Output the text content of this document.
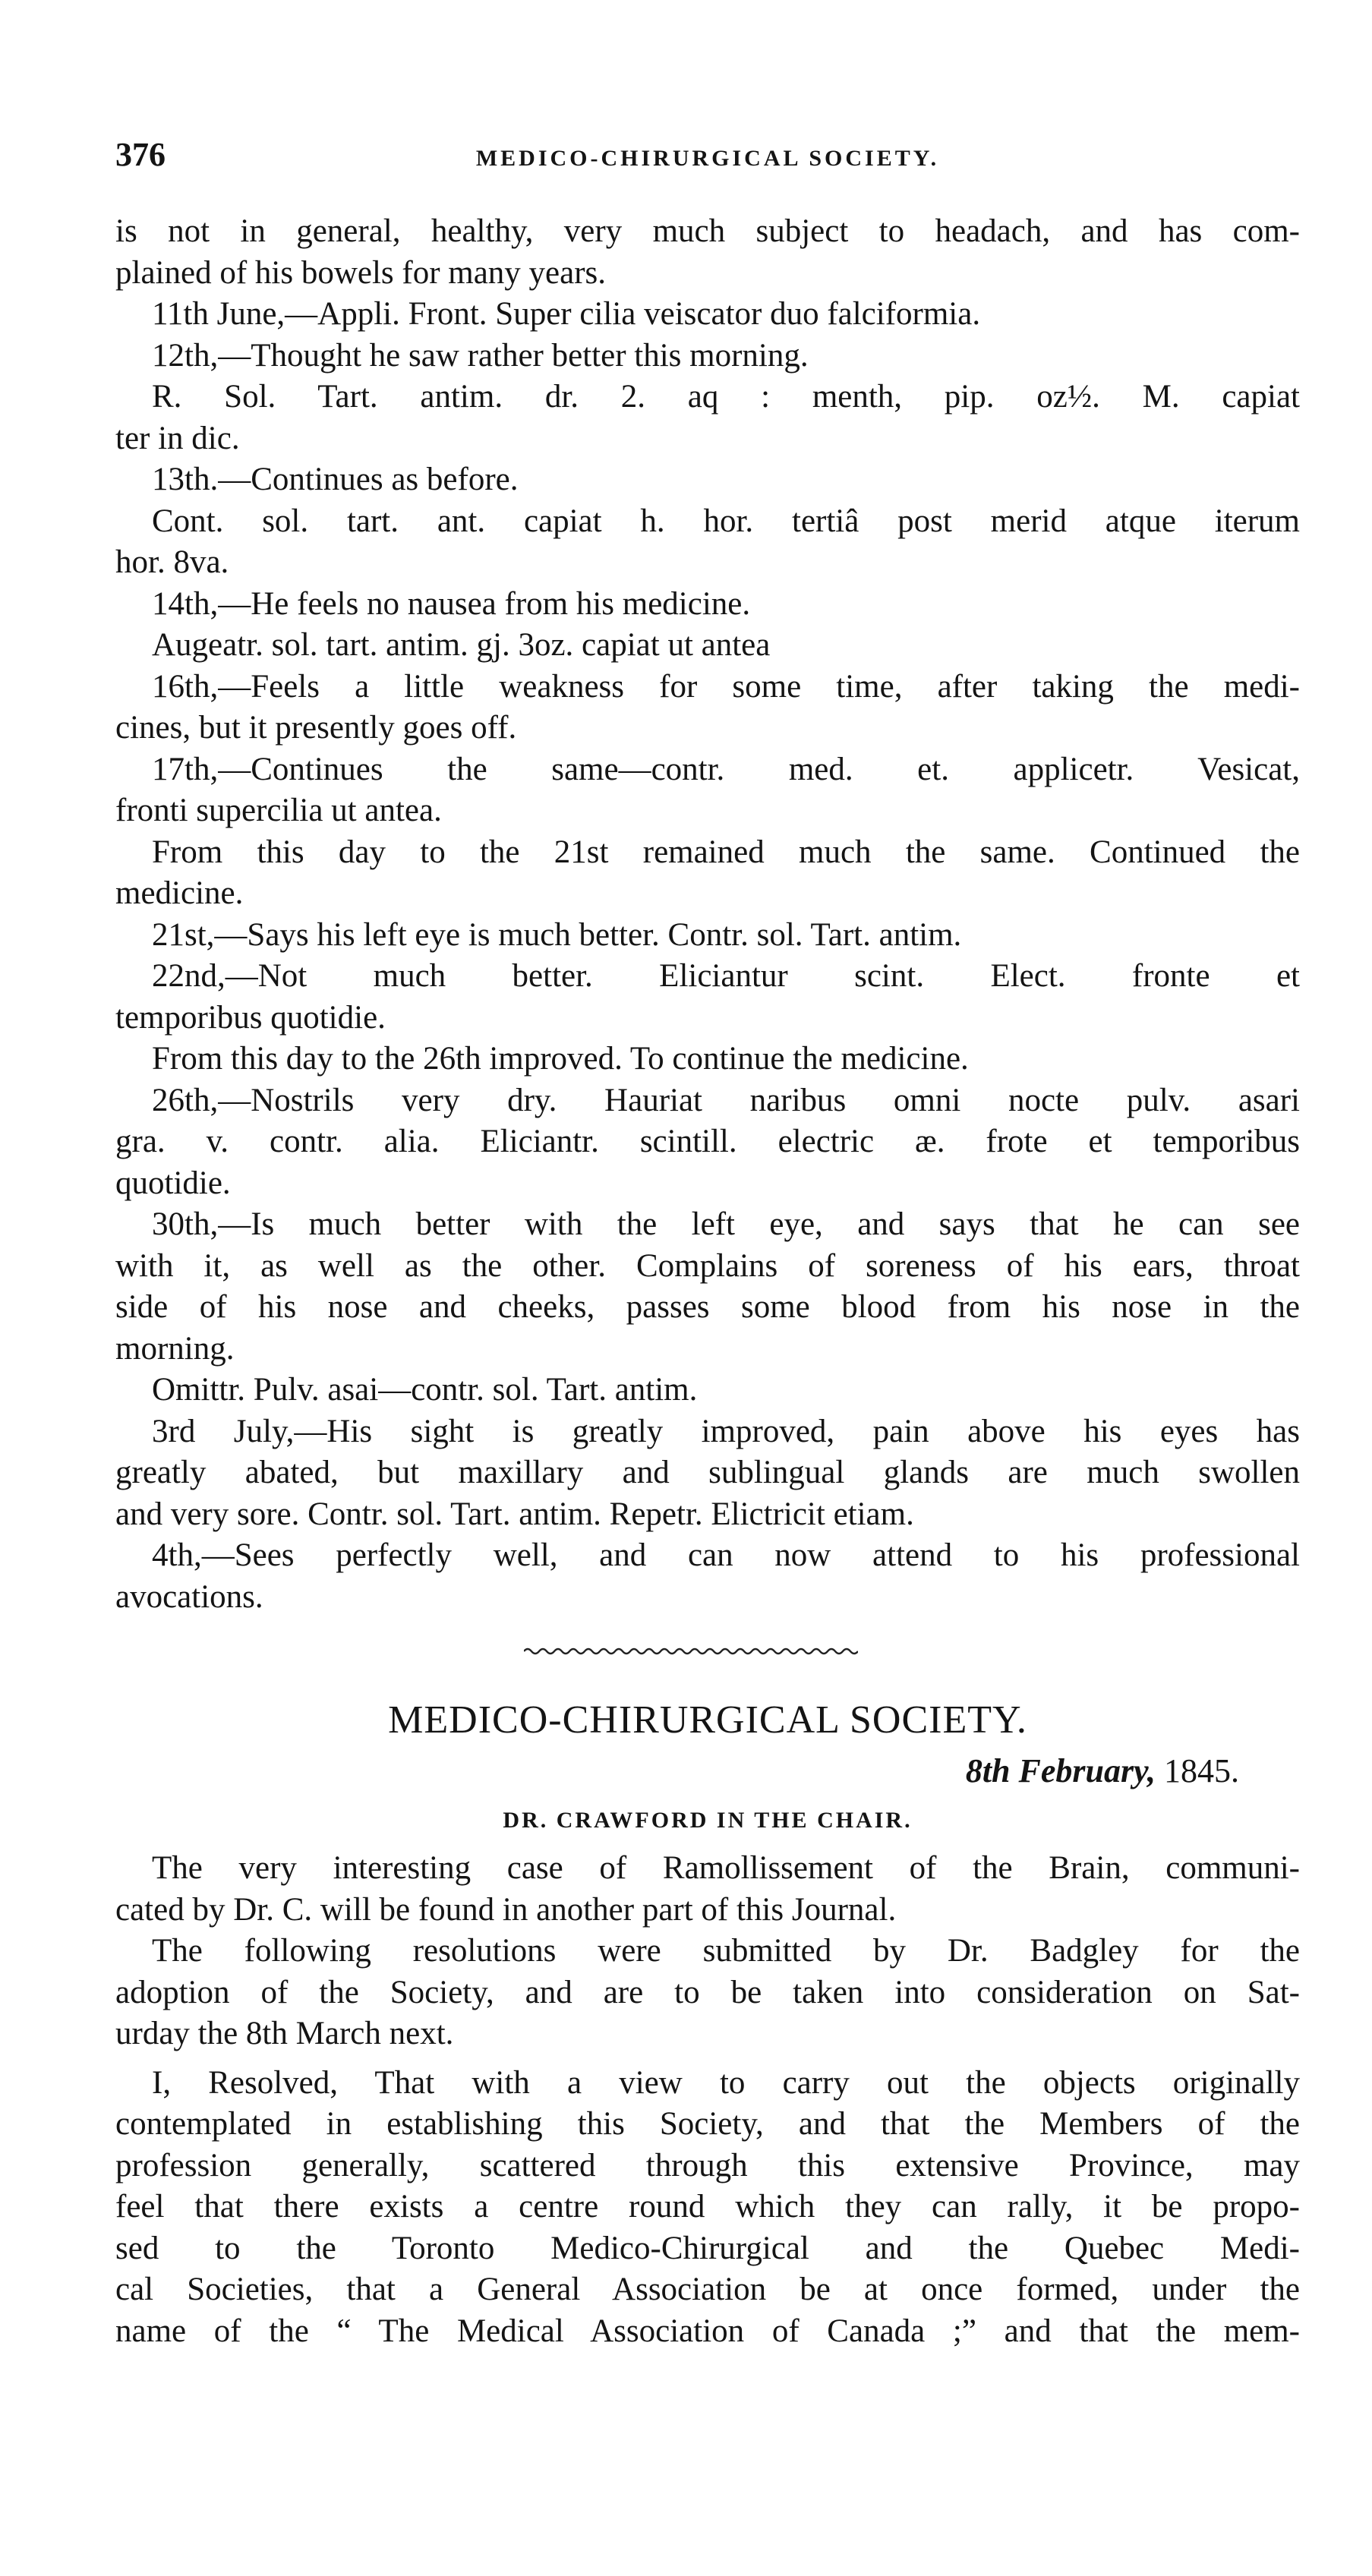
376	MEDICO-CHIRURGICAL SOCIETY.
is not in general, healthy, very much subject to headach, and has com-
plained of his bowels for many years.
11th June,—Appli. Front. Super cilia veiscator duo falciformia.
12th,—Thought he saw rather better this morning.
R. Sol. Tart. antim. dr. 2. aq : menth, pip. oz½. M. capiat
ter in dic.
13th.—Continues as before.
Cont. sol. tart. ant. capiat h. hor. tertiâ post merid atque iterum
hor. 8va.
14th,—He feels no nausea from his medicine.
Augeatr. sol. tart. antim. gj. 3oz. capiat ut antea
16th,—Feels a little weakness for some time, after taking the medi-
cines, but it presently goes off.
17th,—Continues the same—contr. med. et. applicetr. Vesicat,
fronti supercilia ut antea.
From this day to the 21st remained much the same. Continued the
medicine.
21st,—Says his left eye is much better. Contr. sol. Tart. antim.
22nd,—Not much better. Eliciantur scint. Elect. fronte et
temporibus quotidie.
From this day to the 26th improved. To continue the medicine.
26th,—Nostrils very dry. Hauriat naribus omni nocte pulv. asari
gra. v. contr. alia. Eliciantr. scintill. electric æ. frote et temporibus
quotidie.
30th,—Is much better with the left eye, and says that he can see
with it, as well as the other. Complains of soreness of his ears, throat
side of his nose and cheeks, passes some blood from his nose in the
morning.
Omittr. Pulv. asai—contr. sol. Tart. antim.
3rd July,—His sight is greatly improved, pain above his eyes has
greatly abated, but maxillary and sublingual glands are much swollen
and very sore. Contr. sol. Tart. antim. Repetr. Elictricit etiam.
4th,—Sees perfectly well, and can now attend to his professional
avocations.
MEDICO-CHIRURGICAL SOCIETY.
8th February, 1845.
DR. CRAWFORD IN THE CHAIR.
The very interesting case of Ramollissement of the Brain, communi-
cated by Dr. C. will be found in another part of this Journal.
The following resolutions were submitted by Dr. Badgley for the
adoption of the Society, and are to be taken into consideration on Sat-
urday the 8th March next.
I, Resolved, That with a view to carry out the objects originally
contemplated in establishing this Society, and that the Members of the
profession generally, scattered through this extensive Province, may
feel that there exists a centre round which they can rally, it be propo-
sed to the Toronto Medico-Chirurgical and the Quebec Medi-
cal Societies, that a General Association be at once formed, under the
name of the “ The Medical Association of Canada ;” and that the mem-
